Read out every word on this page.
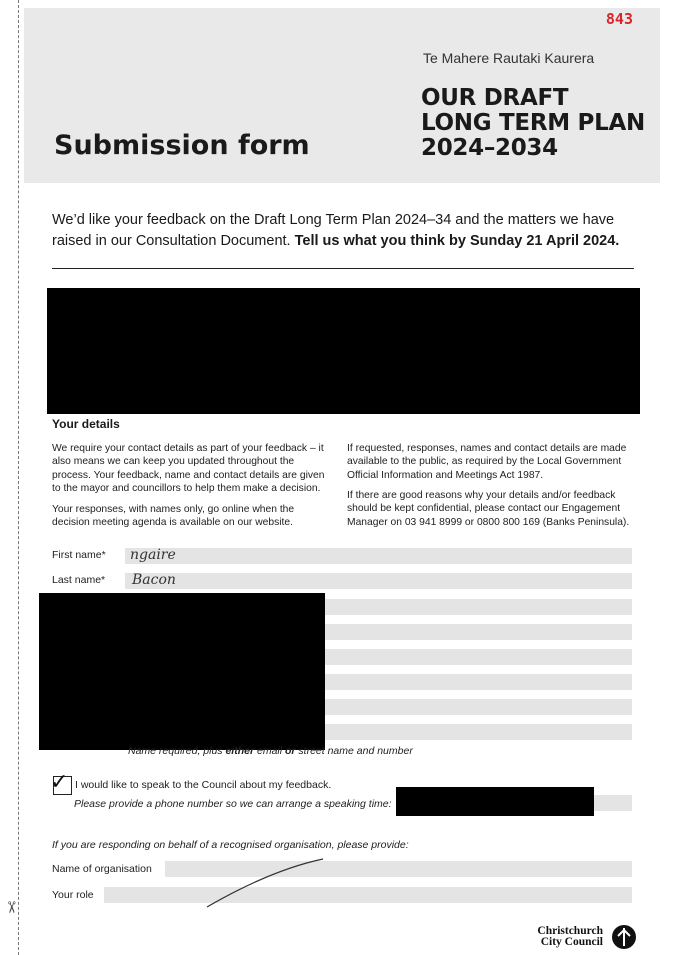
✂
843
Te Mahere Rautaki Kaurera
OUR DRAFT
LONG TERM PLAN
2024–2034
Submission form
We’d like your feedback on the Draft Long Term Plan 2024–34 and the matters we have raised in our Consultation Document. Tell us what you think by Sunday 21 April 2024.
Your details
We require your contact details as part of your feedback – it also means we can keep you updated throughout the process. Your feedback, name and contact details are given to the mayor and councillors to help them make a decision.
Your responses, with names only, go online when the decision meeting agenda is available on our website.
If requested, responses, names and contact details are made available to the public, as required by the Local Government Official Information and Meetings Act 1987.
If there are good reasons why your details and/or feedback should be kept confidential, please contact our Engagement Manager on 03 941 8999 or 0800 800 169 (Banks Peninsula).
First name* ngaire
Last name* Bacon
Name required, plus either email or street name and number
✓ I would like to speak to the Council about my feedback.
Please provide a phone number so we can arrange a speaking time:
If you are responding on behalf of a recognised organisation, please provide:
Name of organisation
Your role
Christchurch
City Council
